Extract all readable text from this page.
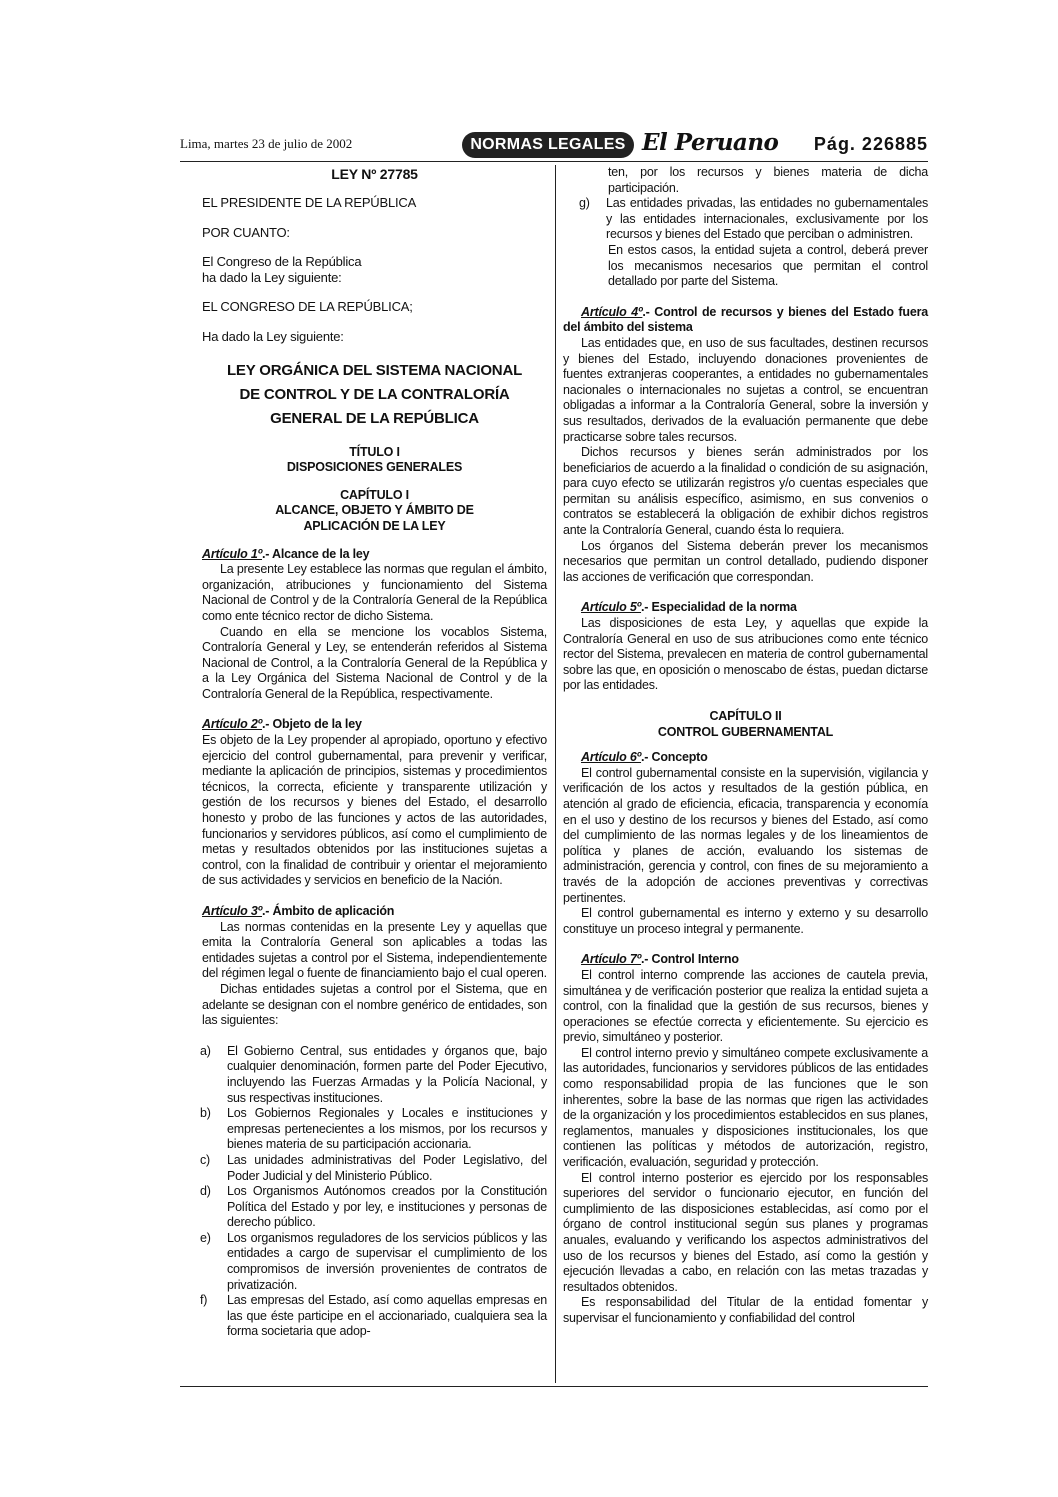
Lima, martes 23 de julio de 2002	NORMAS LEGALES El Peruano Pág. 226885
LEY Nº 27785
EL PRESIDENTE DE LA REPÚBLICA
POR CUANTO:
El Congreso de la República
ha dado la Ley siguiente:
EL CONGRESO DE LA REPÚBLICA;
Ha dado la Ley siguiente:
LEY ORGÁNICA DEL SISTEMA NACIONAL
DE CONTROL Y DE LA CONTRALORÍA
GENERAL DE LA REPÚBLICA
TÍTULO I
DISPOSICIONES GENERALES
CAPÍTULO I
ALCANCE, OBJETO Y ÁMBITO DE
APLICACIÓN DE LA LEY
Artículo 1º.- Alcance de la ley
La presente Ley establece las normas que regulan el ámbito, organización, atribuciones y funcionamiento del Sistema Nacional de Control y de la Contraloría General de la República como ente técnico rector de dicho Sistema.
Cuando en ella se mencione los vocablos Sistema, Contraloría General y Ley, se entenderán referidos al Sistema Nacional de Control, a la Contraloría General de la República y a la Ley Orgánica del Sistema Nacional de Control y de la Contraloría General de la República, respectivamente.
Artículo 2º.- Objeto de la ley
Es objeto de la Ley propender al apropiado, oportuno y efectivo ejercicio del control gubernamental, para prevenir y verificar, mediante la aplicación de principios, sistemas y procedimientos técnicos, la correcta, eficiente y transparente utilización y gestión de los recursos y bienes del Estado, el desarrollo honesto y probo de las funciones y actos de las autoridades, funcionarios y servidores públicos, así como el cumplimiento de metas y resultados obtenidos por las instituciones sujetas a control, con la finalidad de contribuir y orientar el mejoramiento de sus actividades y servicios en beneficio de la Nación.
Artículo 3º.- Ámbito de aplicación
Las normas contenidas en la presente Ley y aquellas que emita la Contraloría General son aplicables a todas las entidades sujetas a control por el Sistema, independientemente del régimen legal o fuente de financiamiento bajo el cual operen.
Dichas entidades sujetas a control por el Sistema, que en adelante se designan con el nombre genérico de entidades, son las siguientes:
a)	El Gobierno Central, sus entidades y órganos que, bajo cualquier denominación, formen parte del Poder Ejecutivo, incluyendo las Fuerzas Armadas y la Policía Nacional, y sus respectivas instituciones.
b)	Los Gobiernos Regionales y Locales e instituciones y empresas pertenecientes a los mismos, por los recursos y bienes materia de su participación accionaria.
c)	Las unidades administrativas del Poder Legislativo, del Poder Judicial y del Ministerio Público.
d)	Los Organismos Autónomos creados por la Constitución Política del Estado y por ley, e instituciones y personas de derecho público.
e)	Los organismos reguladores de los servicios públicos y las entidades a cargo de supervisar el cumplimiento de los compromisos de inversión provenientes de contratos de privatización.
f)	Las empresas del Estado, así como aquellas empresas en las que éste participe en el accionariado, cualquiera sea la forma societaria que adop-
ten, por los recursos y bienes materia de dicha participación.
g)	Las entidades privadas, las entidades no gubernamentales y las entidades internacionales, exclusivamente por los recursos y bienes del Estado que perciban o administren.
En estos casos, la entidad sujeta a control, deberá prever los mecanismos necesarios que permitan el control detallado por parte del Sistema.
Artículo 4º.- Control de recursos y bienes del Estado fuera del ámbito del sistema
Las entidades que, en uso de sus facultades, destinen recursos y bienes del Estado, incluyendo donaciones provenientes de fuentes extranjeras cooperantes, a entidades no gubernamentales nacionales o internacionales no sujetas a control, se encuentran obligadas a informar a la Contraloría General, sobre la inversión y sus resultados, derivados de la evaluación permanente que debe practicarse sobre tales recursos.
Dichos recursos y bienes serán administrados por los beneficiarios de acuerdo a la finalidad o condición de su asignación, para cuyo efecto se utilizarán registros y/o cuentas especiales que permitan su análisis específico, asimismo, en sus convenios o contratos se establecerá la obligación de exhibir dichos registros ante la Contraloría General, cuando ésta lo requiera.
Los órganos del Sistema deberán prever los mecanismos necesarios que permitan un control detallado, pudiendo disponer las acciones de verificación que correspondan.
Artículo 5º.- Especialidad de la norma
Las disposiciones de esta Ley, y aquellas que expide la Contraloría General en uso de sus atribuciones como ente técnico rector del Sistema, prevalecen en materia de control gubernamental sobre las que, en oposición o menoscabo de éstas, puedan dictarse por las entidades.
CAPÍTULO II
CONTROL GUBERNAMENTAL
Artículo 6º.- Concepto
El control gubernamental consiste en la supervisión, vigilancia y verificación de los actos y resultados de la gestión pública, en atención al grado de eficiencia, eficacia, transparencia y economía en el uso y destino de los recursos y bienes del Estado, así como del cumplimiento de las normas legales y de los lineamientos de política y planes de acción, evaluando los sistemas de administración, gerencia y control, con fines de su mejoramiento a través de la adopción de acciones preventivas y correctivas pertinentes.
El control gubernamental es interno y externo y su desarrollo constituye un proceso integral y permanente.
Artículo 7º.- Control Interno
El control interno comprende las acciones de cautela previa, simultánea y de verificación posterior que realiza la entidad sujeta a control, con la finalidad que la gestión de sus recursos, bienes y operaciones se efectúe correcta y eficientemente. Su ejercicio es previo, simultáneo y posterior.
El control interno previo y simultáneo compete exclusivamente a las autoridades, funcionarios y servidores públicos de las entidades como responsabilidad propia de las funciones que le son inherentes, sobre la base de las normas que rigen las actividades de la organización y los procedimientos establecidos en sus planes, reglamentos, manuales y disposiciones institucionales, los que contienen las políticas y métodos de autorización, registro, verificación, evaluación, seguridad y protección.
El control interno posterior es ejercido por los responsables superiores del servidor o funcionario ejecutor, en función del cumplimiento de las disposiciones establecidas, así como por el órgano de control institucional según sus planes y programas anuales, evaluando y verificando los aspectos administrativos del uso de los recursos y bienes del Estado, así como la gestión y ejecución llevadas a cabo, en relación con las metas trazadas y resultados obtenidos.
Es responsabilidad del Titular de la entidad fomentar y supervisar el funcionamiento y confiabilidad del control
